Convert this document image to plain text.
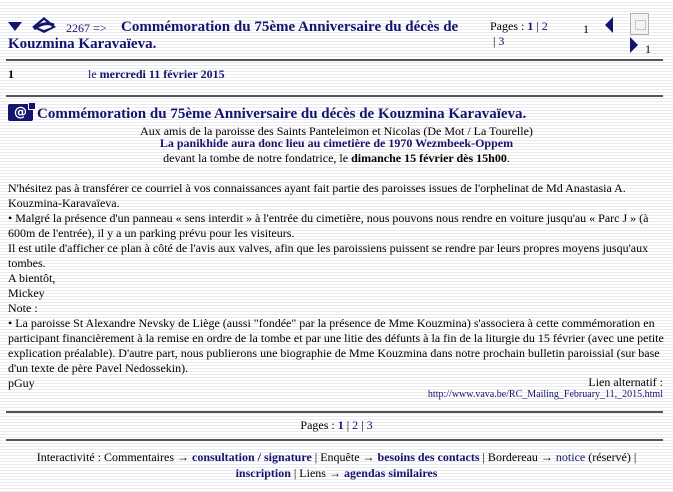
Commémoration du 75ème Anniversaire du décès de Kouzmina Karavaïeva.
2267 =>	Pages : 1 | 2
| 3
1
1
1	le mercredi 11 février 2015
@ Commémoration du 75ème Anniversaire du décès de Kouzmina Karavaïeva.
Aux amis de la paroisse des Saints Panteleimon et Nicolas (De Mot / La Tourelle)
La panikhide aura donc lieu au cimetière de 1970 Wezmbeek-Oppem
devant la tombe de notre fondatrice, le dimanche 15 février dès 15h00.

N'hésitez pas à transférer ce courriel à vos connaissances ayant fait partie des paroisses issues de l'orphelinat de Md Anastasia A. Kouzmina-Karavaïeva.

• Malgré la présence d'un panneau « sens interdit » à l'entrée du cimetière, nous pouvons nous rendre en voiture jusqu'au « Parc J » (à 600m de l'entrée), il y a un parking prévu pour les visiteurs.

Il est utile d'afficher ce plan à côté de l'avis aux valves, afin que les paroissiens puissent se rendre par leurs propres moyens jusqu'aux tombes.

A bientôt,

Mickey

Note :

• La paroisse St Alexandre Nevsky de Liège (aussi "fondée" par la présence de Mme Kouzmina) s'associera à cette commémoration en participant financièrement à la remise en ordre de la tombe et par une litie des défunts à la fin de la liturgie du 15 février (avec une petite explication préalable). D'autre part, nous publierons une biographie de Mme Kouzmina dans notre prochain bulletin paroissial (sur base d'un texte de père Pavel Nedossekin).

pGuy	Lien alternatif :
http://www.vava.be/RC_Mailing_February_11,_2015.html
Pages : 1 | 2 | 3
Interactivité : Commentaires → consultation / signature | Enquête → besoins des contacts | Bordereau → notice (réservé) |
inscription | Liens → agendas similaires
